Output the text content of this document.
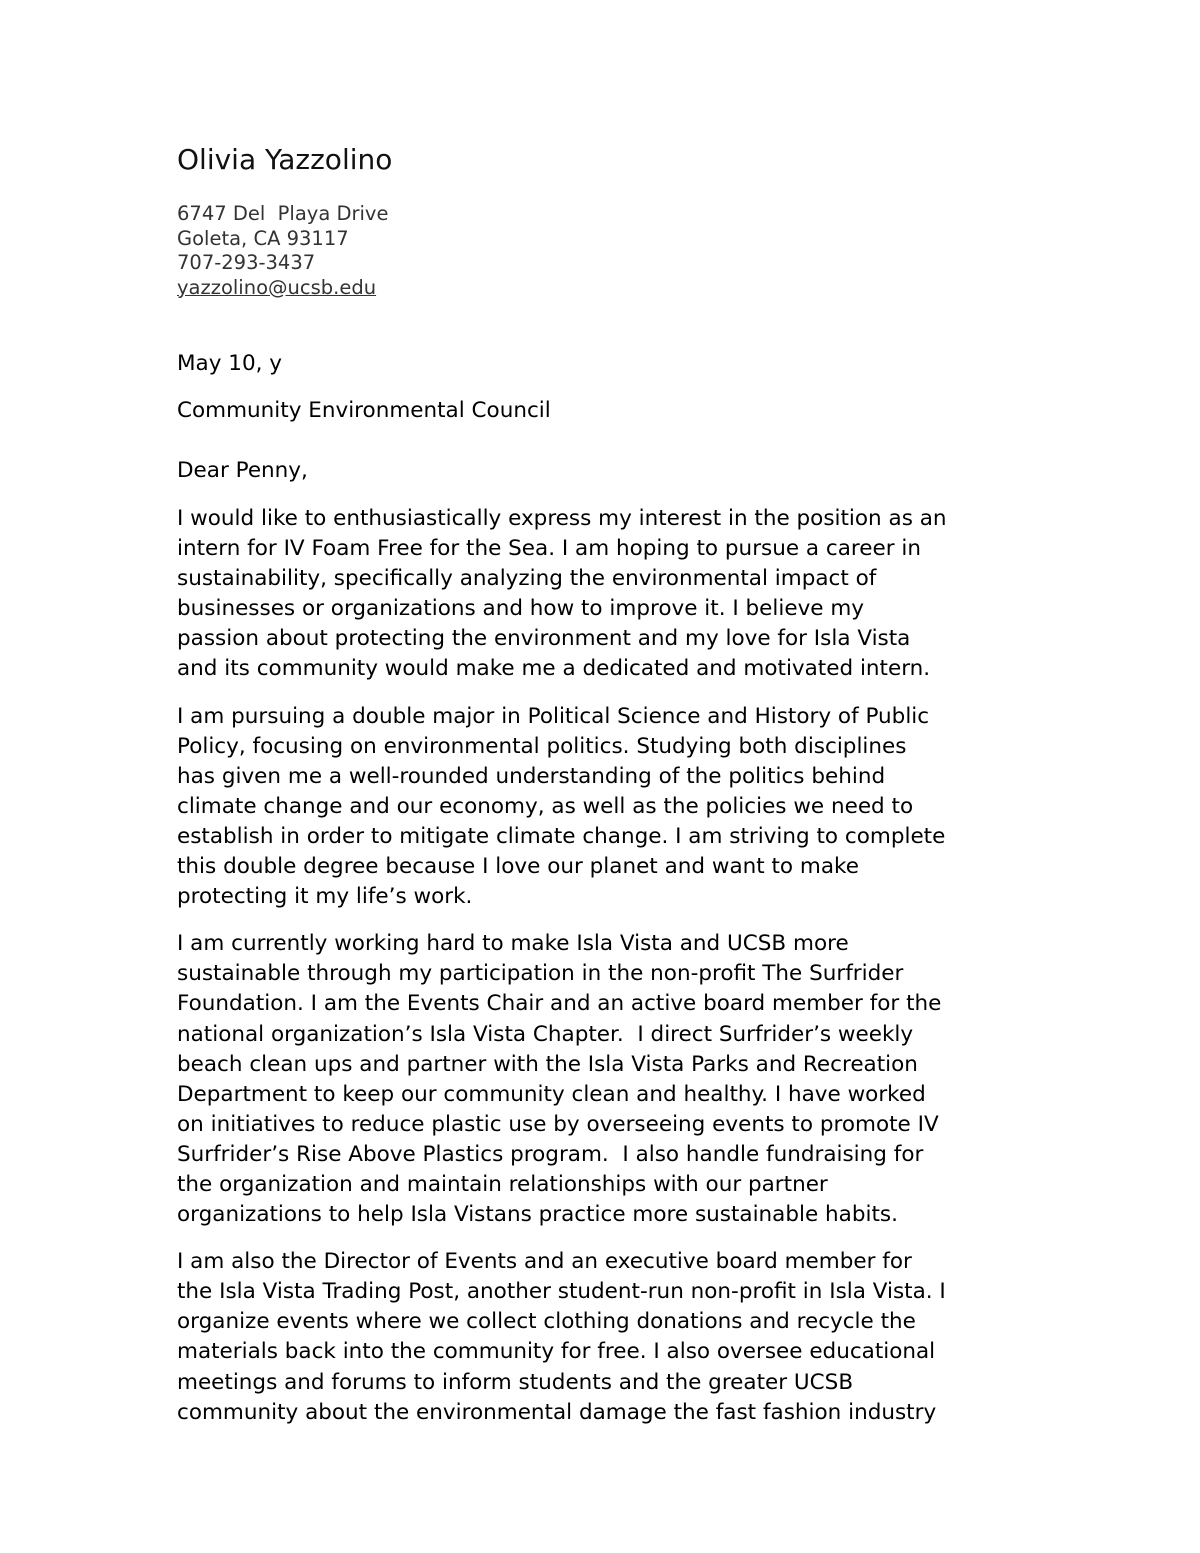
Olivia Yazzolino
6747 Del  Playa Drive
Goleta, CA 93117
707-293-3437
yazzolino@ucsb.edu
May 10, y
Community Environmental Council
Dear Penny,

I would like to enthusiastically express my interest in the position as an
intern for IV Foam Free for the Sea. I am hoping to pursue a career in
sustainability, specifically analyzing the environmental impact of
businesses or organizations and how to improve it. I believe my
passion about protecting the environment and my love for Isla Vista
and its community would make me a dedicated and motivated intern.

I am pursuing a double major in Political Science and History of Public
Policy, focusing on environmental politics. Studying both disciplines
has given me a well-rounded understanding of the politics behind
climate change and our economy, as well as the policies we need to
establish in order to mitigate climate change. I am striving to complete
this double degree because I love our planet and want to make
protecting it my life’s work.

I am currently working hard to make Isla Vista and UCSB more
sustainable through my participation in the non-profit The Surfrider
Foundation. I am the Events Chair and an active board member for the
national organization’s Isla Vista Chapter.  I direct Surfrider’s weekly
beach clean ups and partner with the Isla Vista Parks and Recreation
Department to keep our community clean and healthy. I have worked
on initiatives to reduce plastic use by overseeing events to promote IV
Surfrider’s Rise Above Plastics program.  I also handle fundraising for
the organization and maintain relationships with our partner
organizations to help Isla Vistans practice more sustainable habits.

I am also the Director of Events and an executive board member for
the Isla Vista Trading Post, another student-run non-profit in Isla Vista. I
organize events where we collect clothing donations and recycle the
materials back into the community for free. I also oversee educational
meetings and forums to inform students and the greater UCSB
community about the environmental damage the fast fashion industry
